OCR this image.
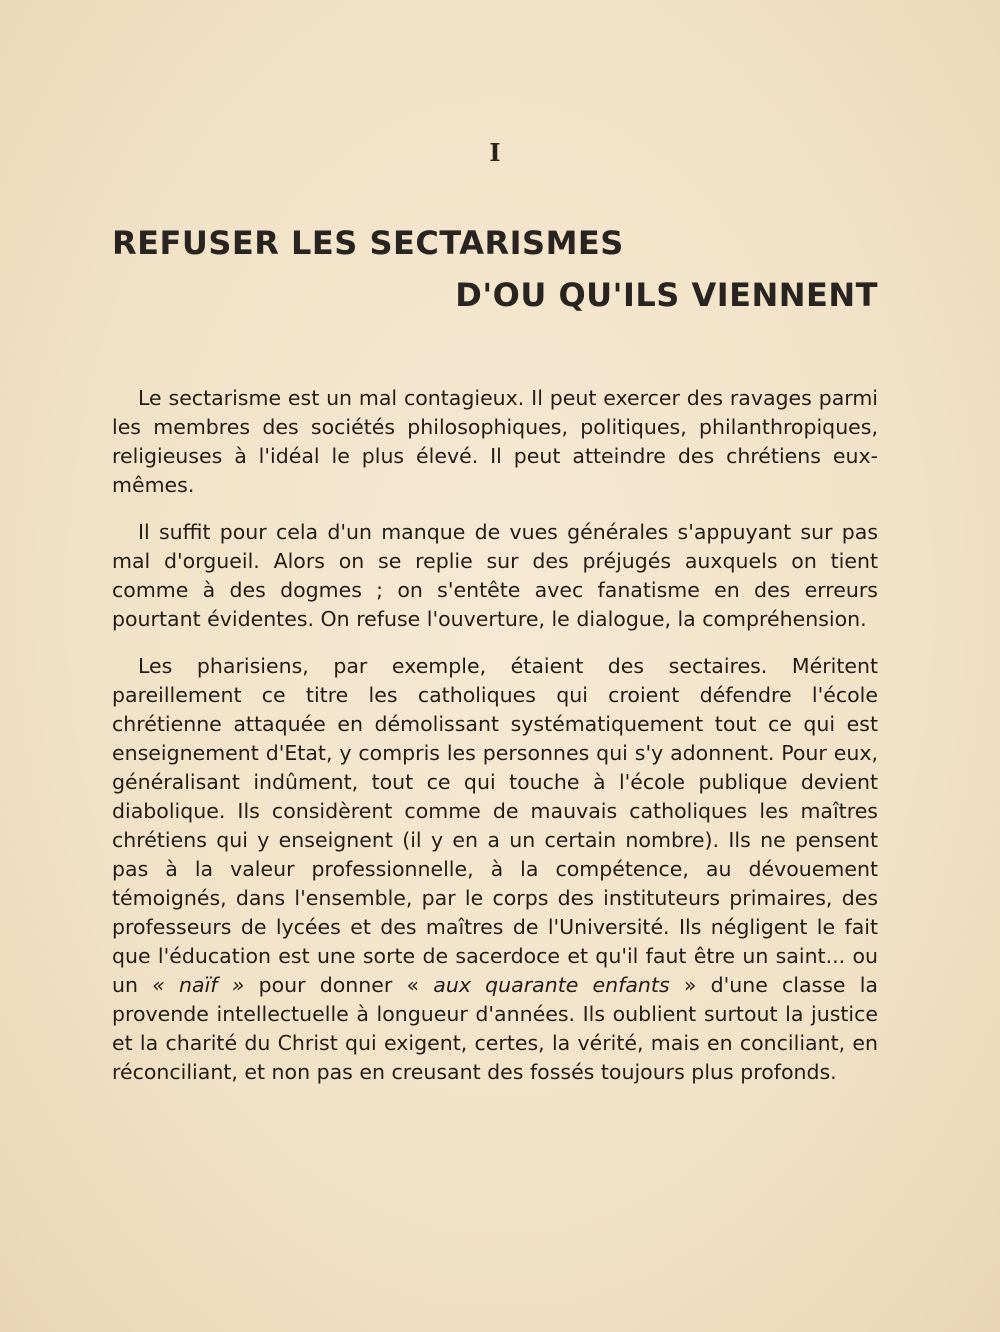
I
REFUSER LES SECTARISMES
D'OU QU'ILS VIENNENT

Le sectarisme est un mal contagieux. Il peut exercer des ravages parmi les membres des sociétés philosophiques, politiques, philanthropiques, religieuses à l'idéal le plus élevé. Il peut atteindre des chrétiens eux-mêmes.

Il suffit pour cela d'un manque de vues générales s'appuyant sur pas mal d'orgueil. Alors on se replie sur des préjugés auxquels on tient comme à des dogmes ; on s'entête avec fanatisme en des erreurs pourtant évidentes. On refuse l'ouverture, le dialogue, la compréhension.

Les pharisiens, par exemple, étaient des sectaires. Méritent pareillement ce titre les catholiques qui croient défendre l'école chrétienne attaquée en démolissant systématiquement tout ce qui est enseignement d'Etat, y compris les personnes qui s'y adonnent. Pour eux, généralisant indûment, tout ce qui touche à l'école publique devient diabolique. Ils considèrent comme de mauvais catholiques les maîtres chrétiens qui y enseignent (il y en a un certain nombre). Ils ne pensent pas à la valeur professionnelle, à la compétence, au dévouement témoignés, dans l'ensemble, par le corps des instituteurs primaires, des professeurs de lycées et des maîtres de l'Université. Ils négligent le fait que l'éducation est une sorte de sacerdoce et qu'il faut être un saint... ou un « naïf » pour donner « aux quarante enfants » d'une classe la provende intellectuelle à longueur d'années. Ils oublient surtout la justice et la charité du Christ qui exigent, certes, la vérité, mais en conciliant, en réconciliant, et non pas en creusant des fossés toujours plus profonds.
